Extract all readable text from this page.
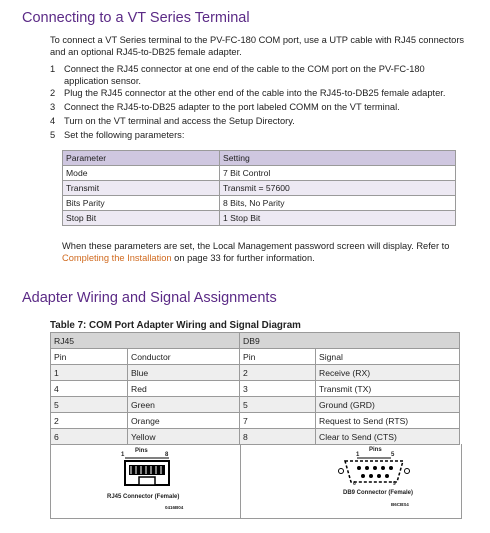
Connecting to a VT Series Terminal
To connect a VT Series terminal to the PV-FC-180 COM port, use a UTP cable with RJ45 connectors and an optional RJ45-to-DB25 female adapter.
1 Connect the RJ45 connector at one end of the cable to the COM port on the PV-FC-180 application sensor.
2 Plug the RJ45 connector at the other end of the cable into the RJ45-to-DB25 female adapter.
3 Connect the RJ45-to-DB25 adapter to the port labeled COMM on the VT terminal.
4 Turn on the VT terminal and access the Setup Directory.
5 Set the following parameters:
Parameter	Setting
Mode	7 Bit Control
Transmit	Transmit = 57600
Bits Parity	8 Bits, No Parity
Stop Bit	1 Stop Bit
When these parameters are set, the Local Management password screen will display. Refer to
Completing the Installation on page 33 for further information.
Adapter Wiring and Signal Assignments
Table 7: COM Port Adapter Wiring and Signal Diagram
RJ45		DB9	
Pin	Conductor	Pin	Signal
1	Blue	2	Receive (RX)
4	Red	3	Transmit (TX)
5	Green	5	Ground (GRD)
2	Orange	7	Request to Send (RTS)
6	Yellow	8	Clear to Send (CTS)
Pins
1	8
RJ45 Connector (Female)
0416B04
Pins
1	5
6	9
DB9 Connector (Female)
B6CBS4
